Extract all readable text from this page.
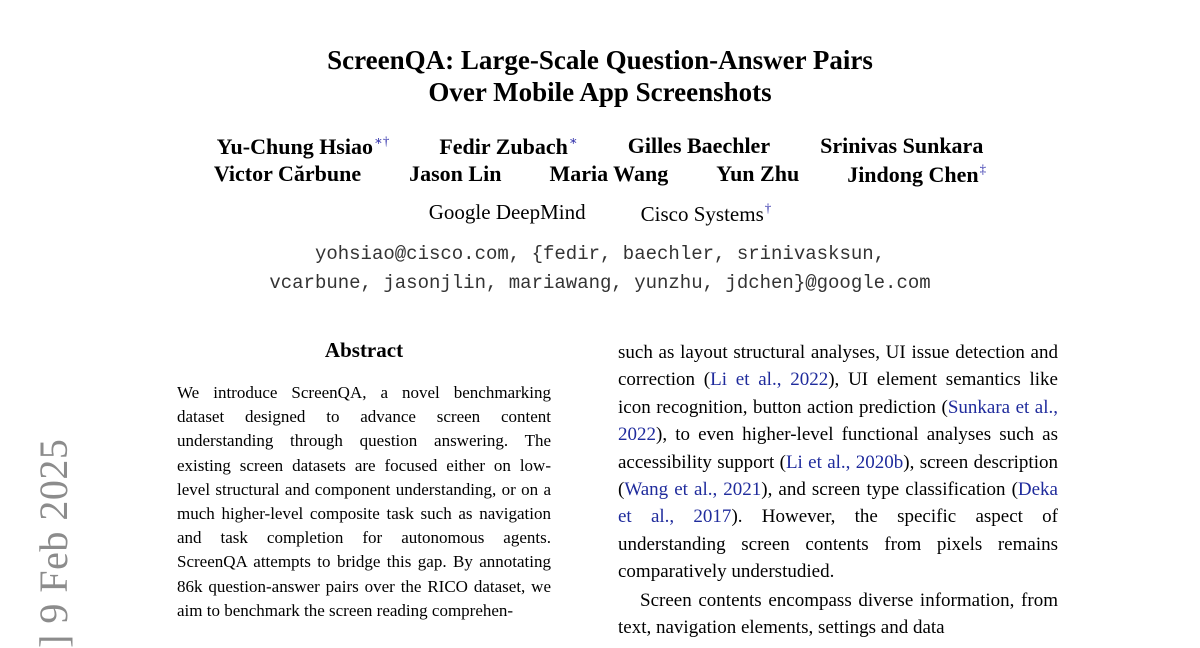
] 9 Feb 2025
ScreenQA: Large-Scale Question-Answer Pairs
Over Mobile App Screenshots
Yu-Chung Hsiao∗† Fedir Zubach∗ Gilles Baechler Srinivas Sunkara
Victor Cărbune Jason Lin Maria Wang Yun Zhu Jindong Chen‡
Google DeepMind	Cisco Systems†
yohsiao@cisco.com, {fedir, baechler, srinivasksun,
vcarbune, jasonjlin, mariawang, yunzhu, jdchen}@google.com
Abstract
We introduce ScreenQA, a novel benchmarking dataset designed to advance screen content understanding through question answering. The existing screen datasets are focused either on low-level structural and component understanding, or on a much higher-level composite task such as navigation and task completion for autonomous agents. ScreenQA attempts to bridge this gap. By annotating 86k question-answer pairs over the RICO dataset, we aim to benchmark the screen reading comprehen-

such as layout structural analyses, UI issue detection and correction (Li et al., 2022), UI element semantics like icon recognition, button action prediction (Sunkara et al., 2022), to even higher-level functional analyses such as accessibility support (Li et al., 2020b), screen description (Wang et al., 2021), and screen type classification (Deka et al., 2017). However, the specific aspect of understanding screen contents from pixels remains comparatively understudied.

Screen contents encompass diverse information, from text, navigation elements, settings and data
